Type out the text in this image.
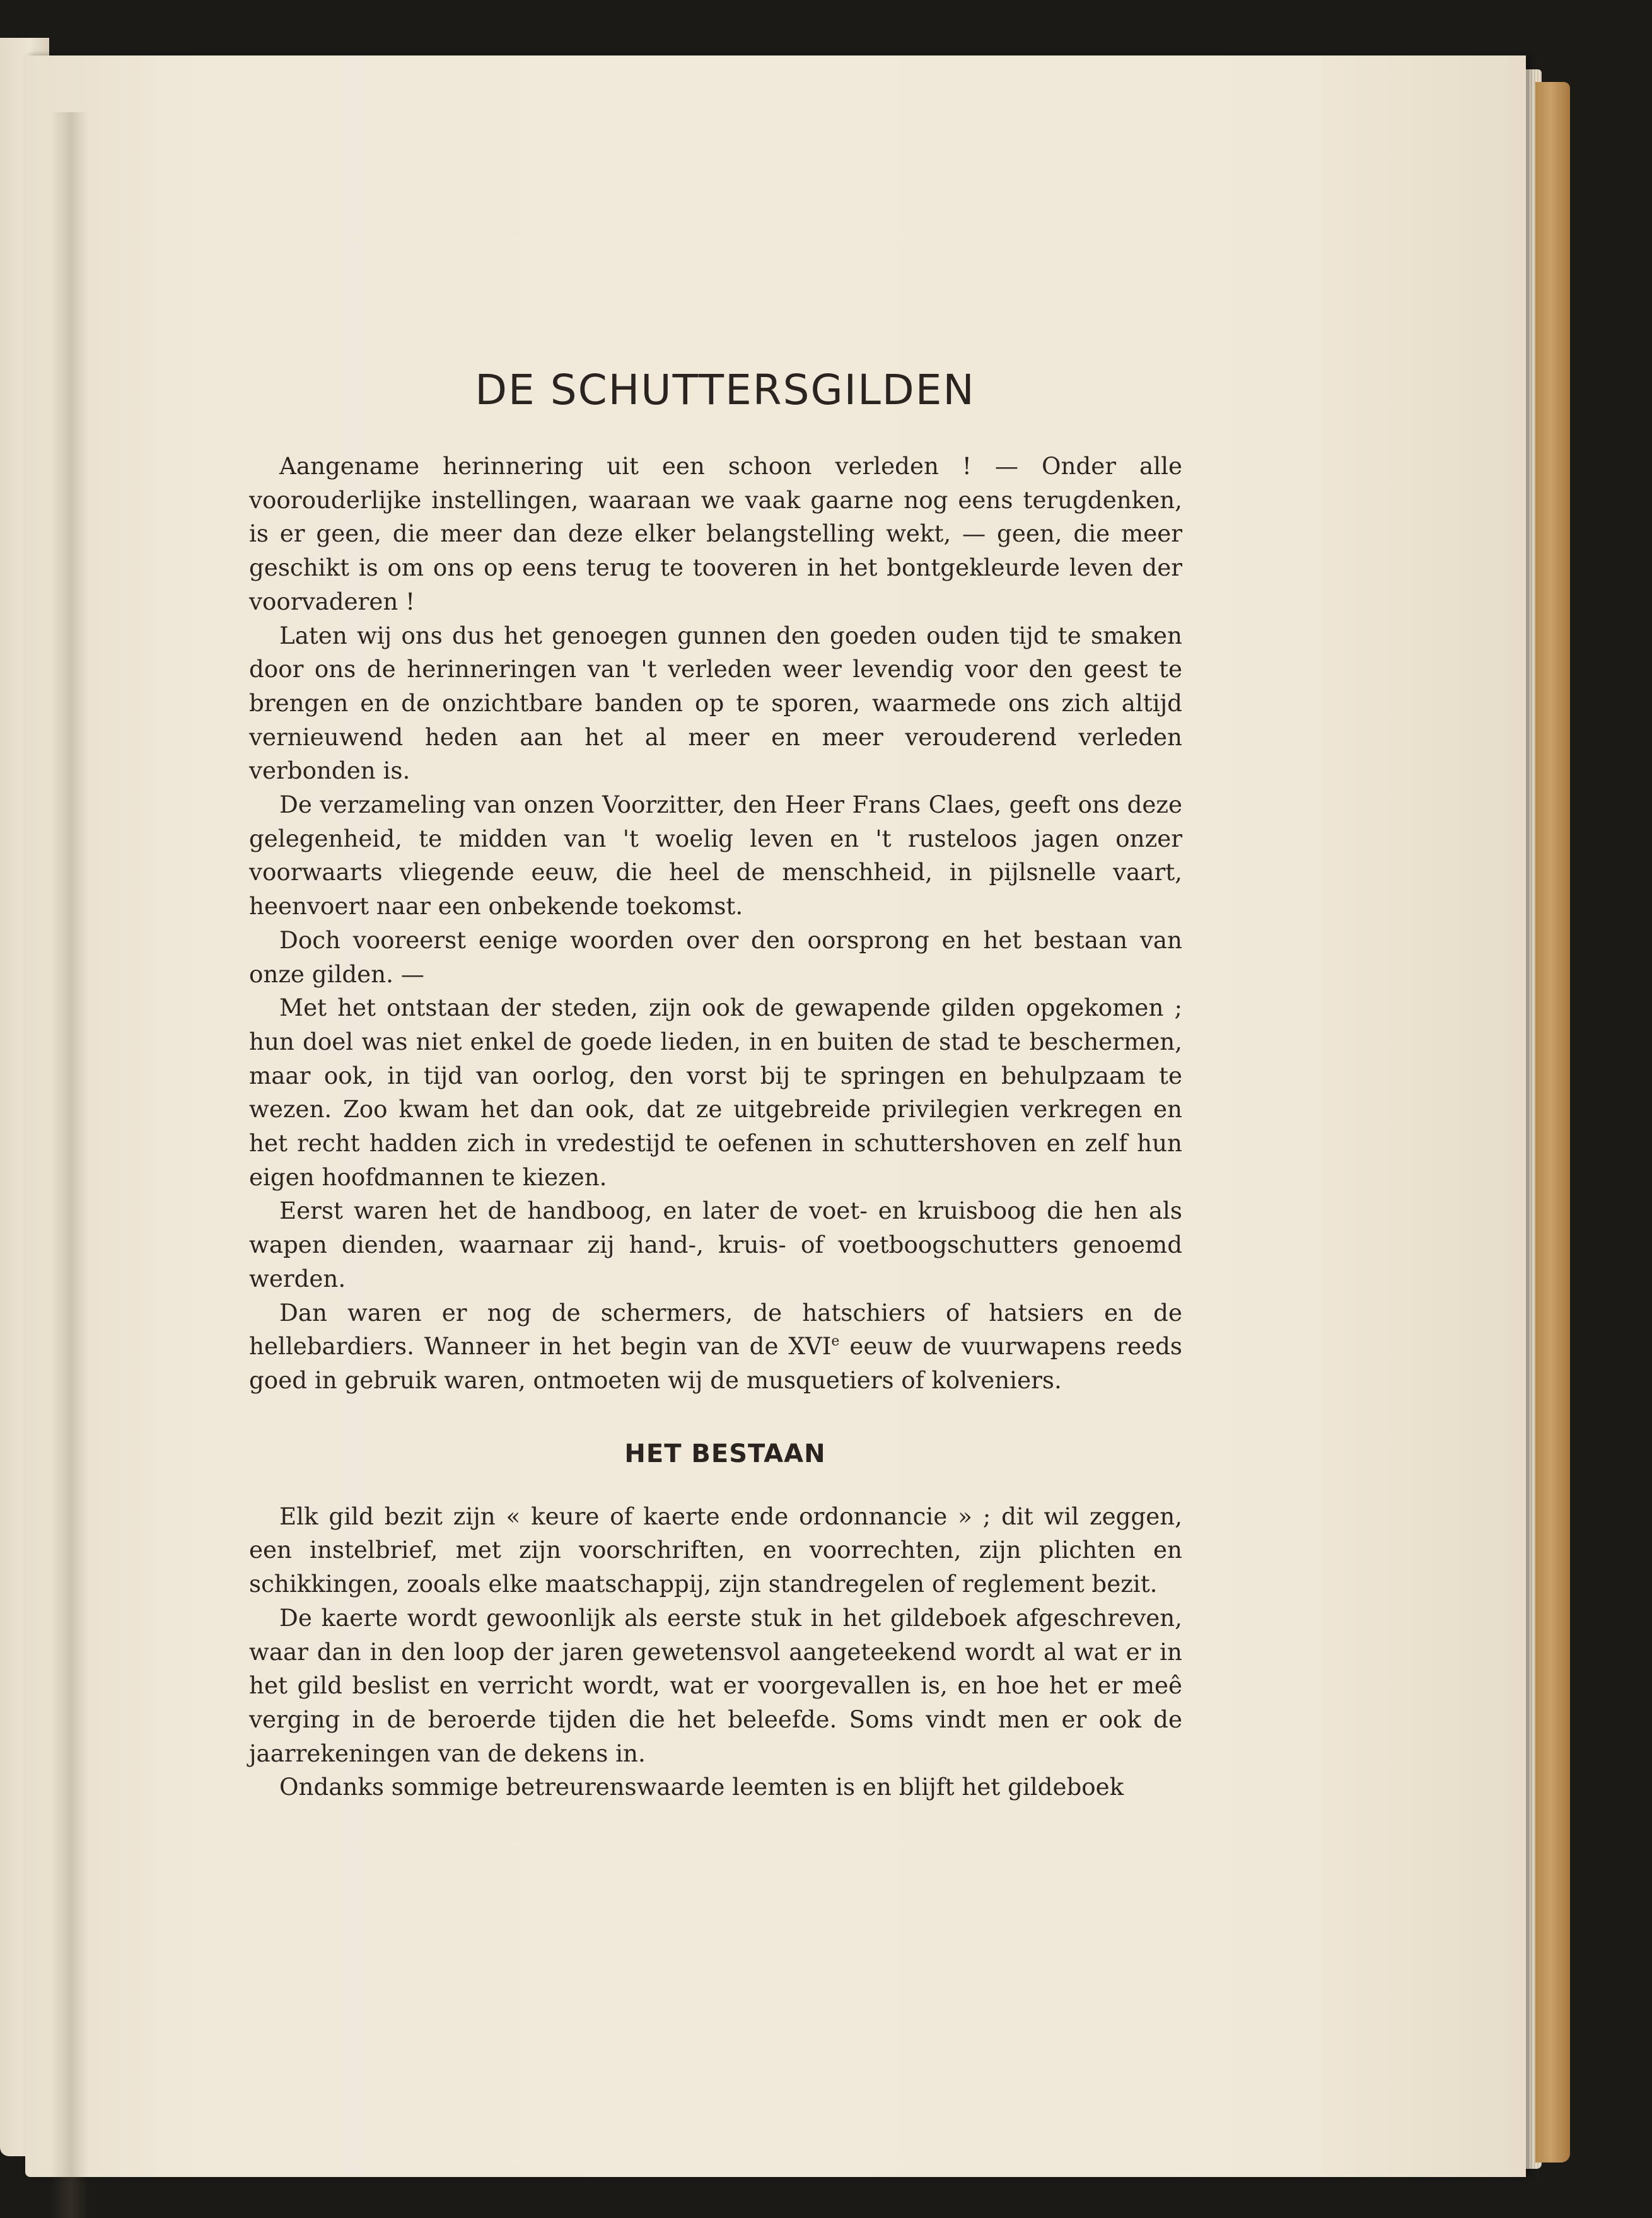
DE SCHUTTERSGILDEN

Aangename herinnering uit een schoon verleden ! — Onder alle voorouderlijke instellingen, waaraan we vaak gaarne nog eens terugdenken, is er geen, die meer dan deze elker belangstelling wekt, — geen, die meer geschikt is om ons op eens terug te tooveren in het bontgekleurde leven der voorvaderen !

Laten wij ons dus het genoegen gunnen den goeden ouden tijd te smaken door ons de herinneringen van 't verleden weer levendig voor den geest te brengen en de onzichtbare banden op te sporen, waarmede ons zich altijd vernieuwend heden aan het al meer en meer verouderend verleden verbonden is.

De verzameling van onzen Voorzitter, den Heer Frans Claes, geeft ons deze gelegenheid, te midden van 't woelig leven en 't rusteloos jagen onzer voorwaarts vliegende eeuw, die heel de menschheid, in pijlsnelle vaart, heenvoert naar een onbekende toekomst.

Doch vooreerst eenige woorden over den oorsprong en het bestaan van onze gilden. —

Met het ontstaan der steden, zijn ook de gewapende gilden opgekomen ; hun doel was niet enkel de goede lieden, in en buiten de stad te beschermen, maar ook, in tijd van oorlog, den vorst bij te springen en behulpzaam te wezen. Zoo kwam het dan ook, dat ze uitgebreide privilegien verkregen en het recht hadden zich in vredestijd te oefenen in schuttershoven en zelf hun eigen hoofdmannen te kiezen.

Eerst waren het de handboog, en later de voet- en kruisboog die hen als wapen dienden, waarnaar zij hand-, kruis- of voetboogschutters genoemd werden.

Dan waren er nog de schermers, de hatschiers of hatsiers en de hellebardiers. Wanneer in het begin van de XVIe eeuw de vuurwapens reeds goed in gebruik waren, ontmoeten wij de musquetiers of kolveniers.

HET BESTAAN

Elk gild bezit zijn « keure of kaerte ende ordonnancie » ; dit wil zeggen, een instelbrief, met zijn voorschriften, en voorrechten, zijn plichten en schikkingen, zooals elke maatschappij, zijn standregelen of reglement bezit.

De kaerte wordt gewoonlijk als eerste stuk in het gildeboek afgeschreven, waar dan in den loop der jaren gewetensvol aangeteekend wordt al wat er in het gild beslist en verricht wordt, wat er voorgevallen is, en hoe het er meê verging in de beroerde tijden die het beleefde. Soms vindt men er ook de jaarrekeningen van de dekens in.

Ondanks sommige betreurenswaarde leemten is en blijft het gildeboek
